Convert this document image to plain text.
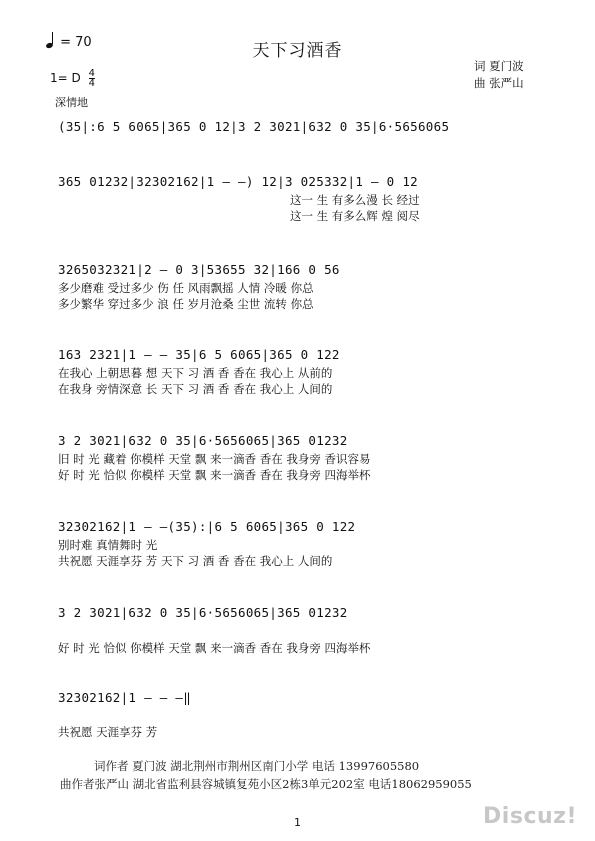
= 70	天下习酒香
词 夏门波
曲 张严山
1= D $\frac{4}{4}$
深情地
(35|:6 5 6065|365 0 12|3 2 3021|632 0 35|6·5656065
365 01232|32302162|1 — —) 12|3 025332|1 — 0 12
这一 生 有多么漫 长 经过
这一 生 有多么辉 煌 阅尽
3265032321|2 — 0 3|53655 32|166 0 56
多少磨难 受过多少 伤 任 风雨飘摇 人情 冷暖 你总
多少繁华 穿过多少 浪 任 岁月沧桑 尘世 流转 你总
163 2321|1 — — 35|6 5 6065|365 0 122
在我心 上朝思暮 想 天下 习 酒 香 香在 我心上 从前的
在我身 旁情深意 长 天下 习 酒 香 香在 我心上 人间的
3 2 3021|632 0 35|6·5656065|365 01232
旧 时 光 藏着 你模样 天堂 飘 来一滴香 香在 我身旁 香识容易
好 时 光 恰似 你模样 天堂 飘 来一滴香 香在 我身旁 四海举杯
32302162|1 — —(35):|6 5 6065|365 0 122
别时难 真情舞时 光
共祝愿 天涯享芬 芳 天下 习 酒 香 香在 我心上 人间的
3 2 3021|632 0 35|6·5656065|365 01232
好 时 光 恰似 你模样 天堂 飘 来一滴香 香在 我身旁 四海举杯
32302162|1 — — —‖
共祝愿 天涯享芬 芳
词作者 夏门波 湖北荆州市荆州区南门小学 电话 13997605580
曲作者张严山 湖北省监利县容城镇复苑小区2栋3单元202室 电话18062959055
1	Discuz!
